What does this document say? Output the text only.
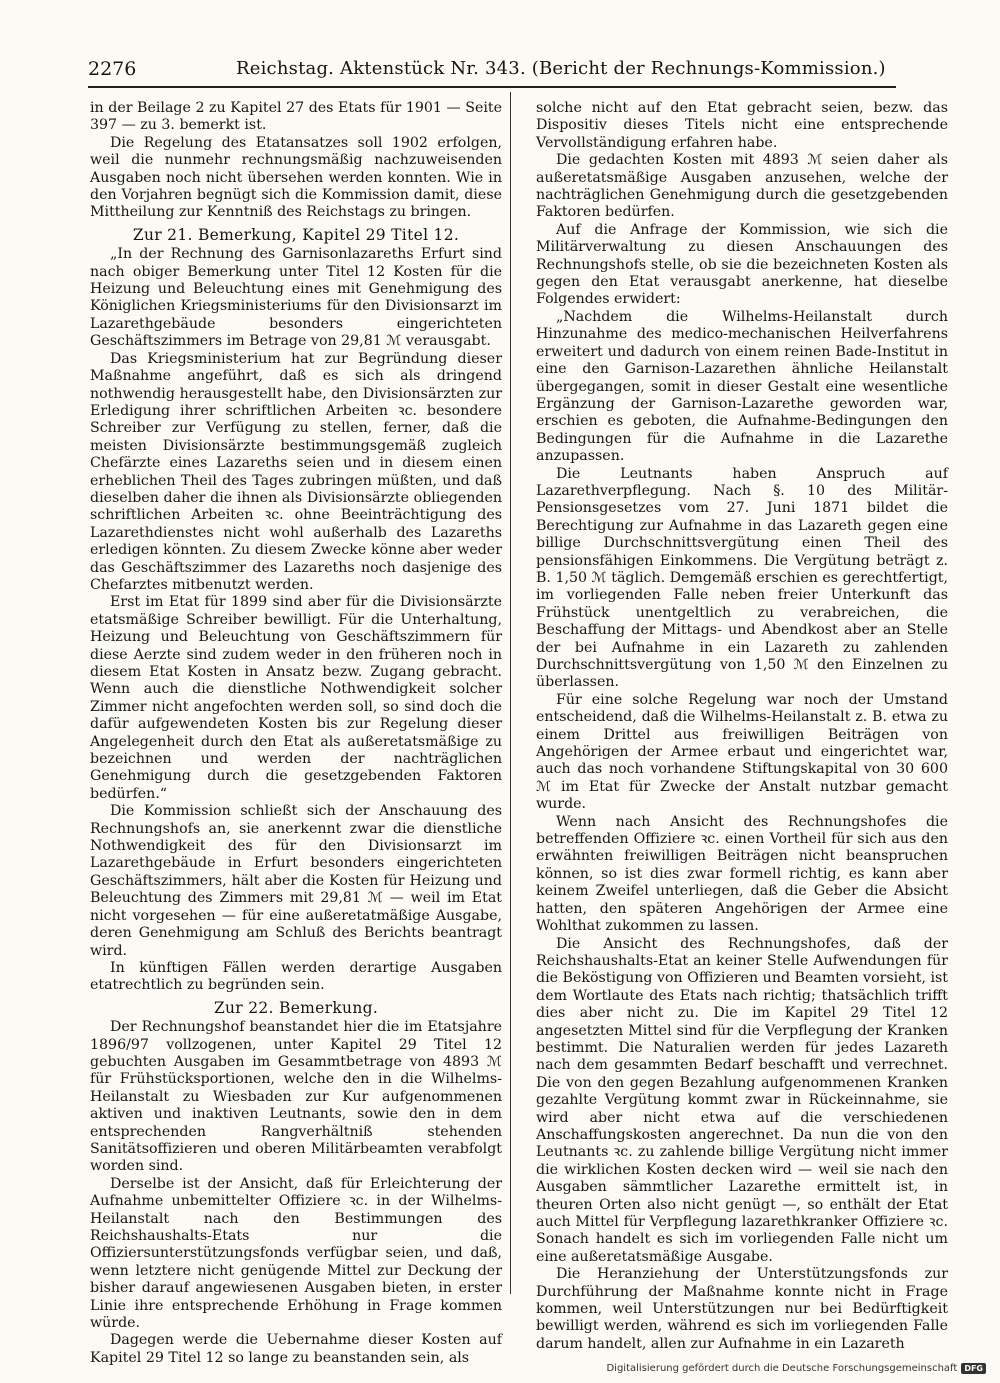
2276	Reichstag. Aktenstück Nr. 343. (Bericht der Rechnungs-Kommission.)

in der Beilage 2 zu Kapitel 27 des Etats für 1901 — Seite 397 — zu 3. bemerkt ist.

Die Regelung des Etatansatzes soll 1902 erfolgen, weil die nunmehr rechnungsmäßig nachzuweisenden Ausgaben noch nicht übersehen werden konnten. Wie in den Vorjahren begnügt sich die Kommission damit, diese Mittheilung zur Kenntniß des Reichstags zu bringen.

Zur 21. Bemerkung, Kapitel 29 Titel 12.

„In der Rechnung des Garnisonlazareths Erfurt sind nach obiger Bemerkung unter Titel 12 Kosten für die Heizung und Beleuchtung eines mit Genehmigung des Königlichen Kriegsministeriums für den Divisionsarzt im Lazarethgebäude besonders eingerichteten Geschäftszimmers im Betrage von 29,81 ℳ verausgabt.

Das Kriegsministerium hat zur Begründung dieser Maßnahme angeführt, daß es sich als dringend nothwendig herausgestellt habe, den Divisionsärzten zur Erledigung ihrer schriftlichen Arbeiten ꝛc. besondere Schreiber zur Verfügung zu stellen, ferner, daß die meisten Divisionsärzte bestimmungsgemäß zugleich Chefärzte eines Lazareths seien und in diesem einen erheblichen Theil des Tages zubringen müßten, und daß dieselben daher die ihnen als Divisionsärzte obliegenden schriftlichen Arbeiten ꝛc. ohne Beeinträchtigung des Lazarethdienstes nicht wohl außerhalb des Lazareths erledigen könnten. Zu diesem Zwecke könne aber weder das Geschäftszimmer des Lazareths noch dasjenige des Chefarztes mitbenutzt werden.

Erst im Etat für 1899 sind aber für die Divisionsärzte etatsmäßige Schreiber bewilligt. Für die Unterhaltung, Heizung und Beleuchtung von Geschäftszimmern für diese Aerzte sind zudem weder in den früheren noch in diesem Etat Kosten in Ansatz bezw. Zugang gebracht. Wenn auch die dienstliche Nothwendigkeit solcher Zimmer nicht angefochten werden soll, so sind doch die dafür aufgewendeten Kosten bis zur Regelung dieser Angelegenheit durch den Etat als außeretatsmäßige zu bezeichnen und werden der nachträglichen Genehmigung durch die gesetzgebenden Faktoren bedürfen.“

Die Kommission schließt sich der Anschauung des Rechnungshofs an, sie anerkennt zwar die dienstliche Nothwendigkeit des für den Divisionsarzt im Lazarethgebäude in Erfurt besonders eingerichteten Geschäftszimmers, hält aber die Kosten für Heizung und Beleuchtung des Zimmers mit 29,81 ℳ — weil im Etat nicht vorgesehen — für eine außeretatmäßige Ausgabe, deren Genehmigung am Schluß des Berichts beantragt wird.

In künftigen Fällen werden derartige Ausgaben etatrechtlich zu begründen sein.

Zur 22. Bemerkung.

Der Rechnungshof beanstandet hier die im Etatsjahre 1896/97 vollzogenen, unter Kapitel 29 Titel 12 gebuchten Ausgaben im Gesammtbetrage von 4893 ℳ für Frühstücksportionen, welche den in die Wilhelms-Heilanstalt zu Wiesbaden zur Kur aufgenommenen aktiven und inaktiven Leutnants, sowie den in dem entsprechenden Rangverhältniß stehenden Sanitätsoffizieren und oberen Militärbeamten verabfolgt worden sind.

Derselbe ist der Ansicht, daß für Erleichterung der Aufnahme unbemittelter Offiziere ꝛc. in der Wilhelms-Heilanstalt nach den Bestimmungen des Reichshaushalts-Etats nur die Offiziersunterstützungsfonds verfügbar seien, und daß, wenn letztere nicht genügende Mittel zur Deckung der bisher darauf angewiesenen Ausgaben bieten, in erster Linie ihre entsprechende Erhöhung in Frage kommen würde.

Dagegen werde die Uebernahme dieser Kosten auf Kapitel 29 Titel 12 so lange zu beanstanden sein, als

solche nicht auf den Etat gebracht seien, bezw. das Dispositiv dieses Titels nicht eine entsprechende Vervollständigung erfahren habe.

Die gedachten Kosten mit 4893 ℳ seien daher als außeretatsmäßige Ausgaben anzusehen, welche der nachträglichen Genehmigung durch die gesetzgebenden Faktoren bedürfen.

Auf die Anfrage der Kommission, wie sich die Militärverwaltung zu diesen Anschauungen des Rechnungshofs stelle, ob sie die bezeichneten Kosten als gegen den Etat verausgabt anerkenne, hat dieselbe Folgendes erwidert:

„Nachdem die Wilhelms-Heilanstalt durch Hinzunahme des medico-mechanischen Heilverfahrens erweitert und dadurch von einem reinen Bade-Institut in eine den Garnison-Lazarethen ähnliche Heilanstalt übergegangen, somit in dieser Gestalt eine wesentliche Ergänzung der Garnison-Lazarethe geworden war, erschien es geboten, die Aufnahme-Bedingungen den Bedingungen für die Aufnahme in die Lazarethe anzupassen.

Die Leutnants haben Anspruch auf Lazarethverpflegung. Nach §. 10 des Militär-Pensionsgesetzes vom 27. Juni 1871 bildet die Berechtigung zur Aufnahme in das Lazareth gegen eine billige Durchschnittsvergütung einen Theil des pensionsfähigen Einkommens. Die Vergütung beträgt z. B. 1,50 ℳ täglich. Demgemäß erschien es gerechtfertigt, im vorliegenden Falle neben freier Unterkunft das Frühstück unentgeltlich zu verabreichen, die Beschaffung der Mittags- und Abendkost aber an Stelle der bei Aufnahme in ein Lazareth zu zahlenden Durchschnittsvergütung von 1,50 ℳ den Einzelnen zu überlassen.

Für eine solche Regelung war noch der Umstand entscheidend, daß die Wilhelms-Heilanstalt z. B. etwa zu einem Drittel aus freiwilligen Beiträgen von Angehörigen der Armee erbaut und eingerichtet war, auch das noch vorhandene Stiftungskapital von 30 600 ℳ im Etat für Zwecke der Anstalt nutzbar gemacht wurde.

Wenn nach Ansicht des Rechnungshofes die betreffenden Offiziere ꝛc. einen Vortheil für sich aus den erwähnten freiwilligen Beiträgen nicht beanspruchen können, so ist dies zwar formell richtig, es kann aber keinem Zweifel unterliegen, daß die Geber die Absicht hatten, den späteren Angehörigen der Armee eine Wohlthat zukommen zu lassen.

Die Ansicht des Rechnungshofes, daß der Reichshaushalts-Etat an keiner Stelle Aufwendungen für die Beköstigung von Offizieren und Beamten vorsieht, ist dem Wortlaute des Etats nach richtig; thatsächlich trifft dies aber nicht zu. Die im Kapitel 29 Titel 12 angesetzten Mittel sind für die Verpflegung der Kranken bestimmt. Die Naturalien werden für jedes Lazareth nach dem gesammten Bedarf beschafft und verrechnet. Die von den gegen Bezahlung aufgenommenen Kranken gezahlte Vergütung kommt zwar in Rückeinnahme, sie wird aber nicht etwa auf die verschiedenen Anschaffungskosten angerechnet. Da nun die von den Leutnants ꝛc. zu zahlende billige Vergütung nicht immer die wirklichen Kosten decken wird — weil sie nach den Ausgaben sämmtlicher Lazarethe ermittelt ist, in theuren Orten also nicht genügt —, so enthält der Etat auch Mittel für Verpflegung lazarethkranker Offiziere ꝛc. Sonach handelt es sich im vorliegenden Falle nicht um eine außeretatsmäßige Ausgabe.

Die Heranziehung der Unterstützungsfonds zur Durchführung der Maßnahme konnte nicht in Frage kommen, weil Unterstützungen nur bei Bedürftigkeit bewilligt werden, während es sich im vorliegenden Falle darum handelt, allen zur Aufnahme in ein Lazareth

Digitalisierung gefördert durch die Deutsche Forschungsgemeinschaft DFG
